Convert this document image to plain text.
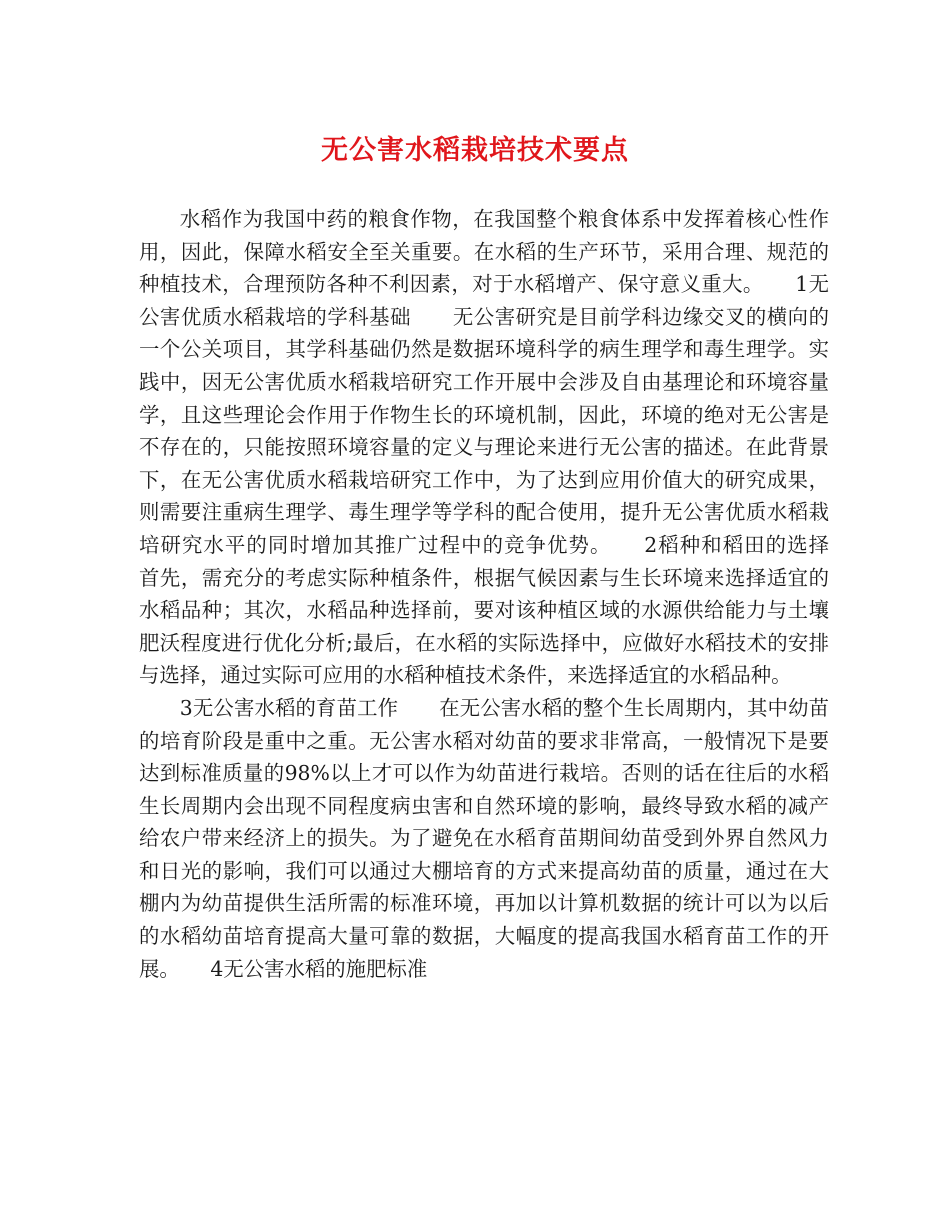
无公害水稻栽培技术要点

水稻作为我国中药的粮食作物，在我国整个粮食体系中发挥着核心性作用，因此，保障水稻安全至关重要。在水稻的生产环节，采用合理、规范的种植技术，合理预防各种不利因素，对于水稻增产、保守意义重大。　　1无公害优质水稻栽培的学科基础　　无公害研究是目前学科边缘交叉的横向的一个公关项目，其学科基础仍然是数据环境科学的病生理学和毒生理学。实践中，因无公害优质水稻栽培研究工作开展中会涉及自由基理论和环境容量学，且这些理论会作用于作物生长的环境机制，因此，环境的绝对无公害是不存在的，只能按照环境容量的定义与理论来进行无公害的描述。在此背景下，在无公害优质水稻栽培研究工作中，为了达到应用价值大的研究成果，则需要注重病生理学、毒生理学等学科的配合使用，提升无公害优质水稻栽培研究水平的同时增加其推广过程中的竞争优势。　　2稻种和稻田的选择　　首先，需充分的考虑实际种植条件，根据气候因素与生长环境来选择适宜的水稻品种；其次，水稻品种选择前，要对该种植区域的水源供给能力与土壤肥沃程度进行优化分析;最后，在水稻的实际选择中，应做好水稻技术的安排与选择，通过实际可应用的水稻种植技术条件，来选择适宜的水稻品种。

3无公害水稻的育苗工作　　在无公害水稻的整个生长周期内，其中幼苗的培育阶段是重中之重。无公害水稻对幼苗的要求非常高，一般情况下是要达到标准质量的98%以上才可以作为幼苗进行栽培。否则的话在往后的水稻生长周期内会出现不同程度病虫害和自然环境的影响，最终导致水稻的减产给农户带来经济上的损失。为了避免在水稻育苗期间幼苗受到外界自然风力和日光的影响，我们可以通过大棚培育的方式来提高幼苗的质量，通过在大棚内为幼苗提供生活所需的标准环境，再加以计算机数据的统计可以为以后的水稻幼苗培育提高大量可靠的数据，大幅度的提高我国水稻育苗工作的开展。　　4无公害水稻的施肥标准
